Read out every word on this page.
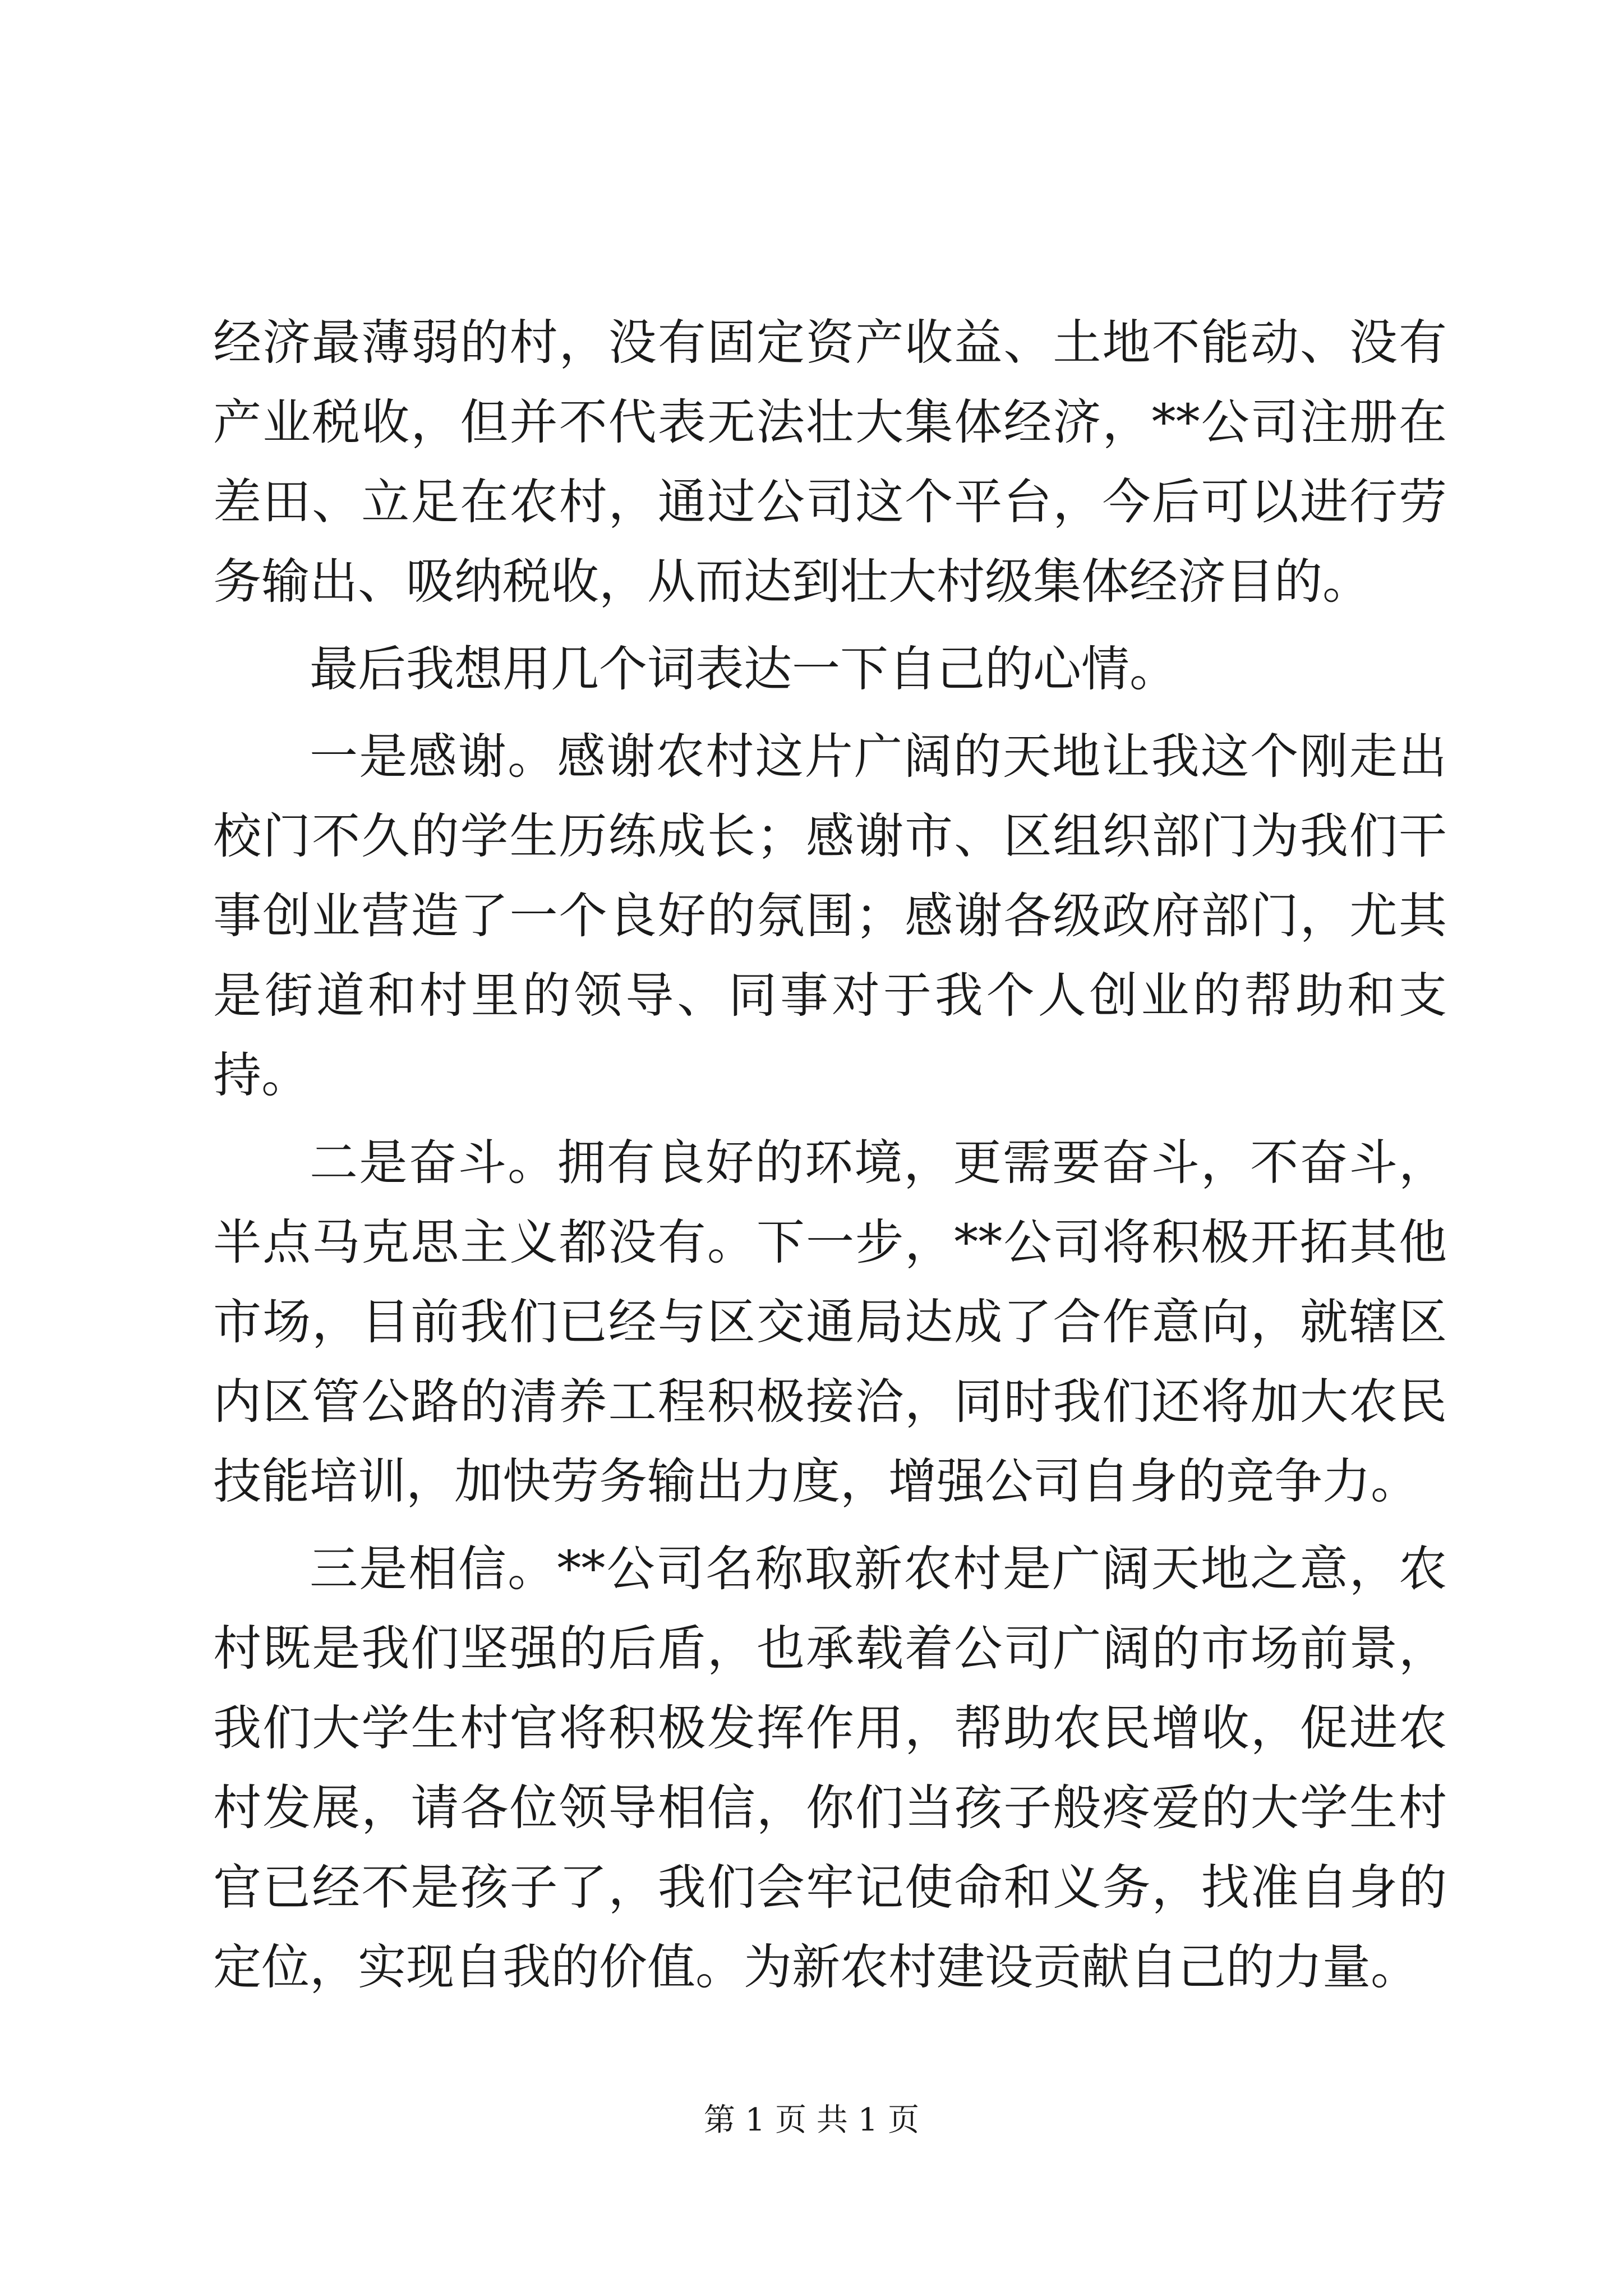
经济最薄弱的村，没有固定资产收益、土地不能动、没有产业税收，但并不代表无法壮大集体经济，**公司注册在差田、立足在农村，通过公司这个平台，今后可以进行劳务输出、吸纳税收，从而达到壮大村级集体经济目的。

最后我想用几个词表达一下自己的心情。

一是感谢。感谢农村这片广阔的天地让我这个刚走出校门不久的学生历练成长；感谢市、区组织部门为我们干事创业营造了一个良好的氛围；感谢各级政府部门，尤其是街道和村里的领导、同事对于我个人创业的帮助和支持。

二是奋斗。拥有良好的环境，更需要奋斗，不奋斗，半点马克思主义都没有。下一步，**公司将积极开拓其他市场，目前我们已经与区交通局达成了合作意向，就辖区内区管公路的清养工程积极接洽，同时我们还将加大农民技能培训，加快劳务输出力度，增强公司自身的竞争力。

三是相信。**公司名称取新农村是广阔天地之意，农村既是我们坚强的后盾，也承载着公司广阔的市场前景，我们大学生村官将积极发挥作用，帮助农民增收，促进农村发展，请各位领导相信，你们当孩子般疼爱的大学生村官已经不是孩子了，我们会牢记使命和义务，找准自身的定位，实现自我的价值。为新农村建设贡献自己的力量。

第 1 页 共 1 页
